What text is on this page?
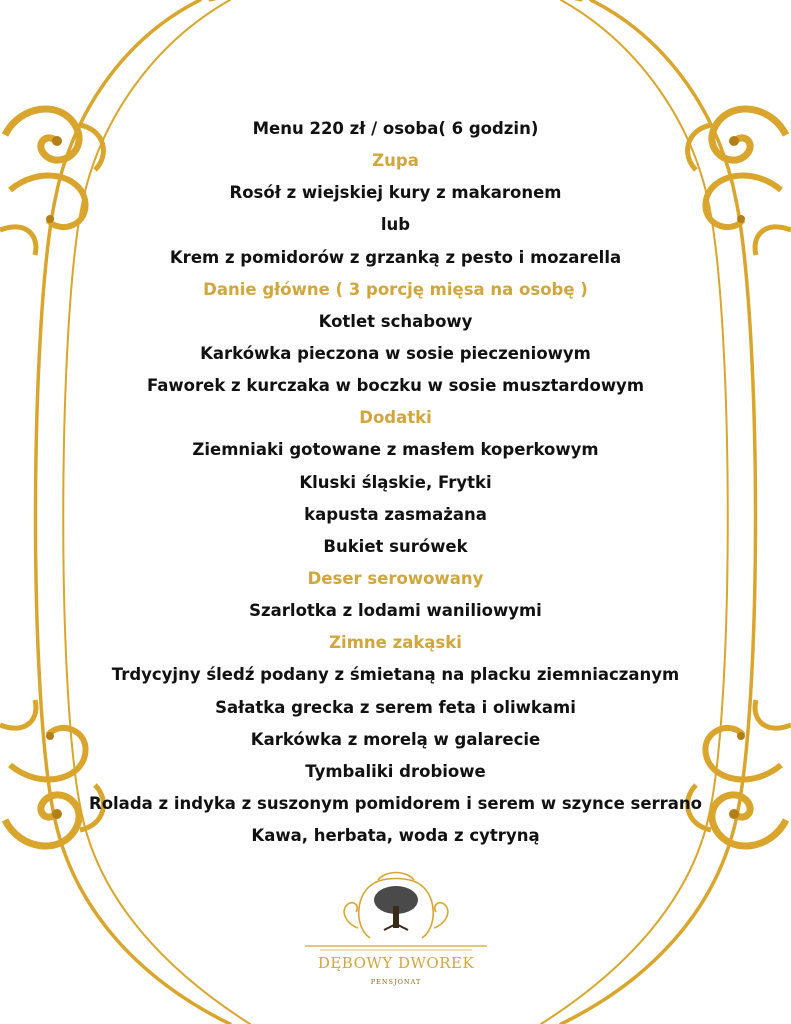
Menu 220 zł / osoba( 6 godzin)
Zupa
Rosół z wiejskiej kury z makaronem
lub
Krem z pomidorów z grzanką z pesto i mozarella
Danie główne ( 3 porcję mięsa na osobę )
Kotlet schabowy
Karkówka pieczona w sosie pieczeniowym
Faworek z kurczaka w boczku w sosie musztardowym
Dodatki
Ziemniaki gotowane z masłem koperkowym
Kluski śląskie, Frytki
kapusta zasmażana
Bukiet surówek
Deser serowowany
Szarlotka z lodami waniliowymi
Zimne zakąski
Trdycyjny śledź podany z śmietaną na placku ziemniaczanym
Sałatka grecka z serem feta i oliwkami
Karkówka z morelą w galarecie
Tymbaliki drobiowe
Rolada z indyka z suszonym pomidorem i serem w szynce serrano
Kawa, herbata, woda z cytryną
DĘBOWY DWOREK
PENSJONAT
